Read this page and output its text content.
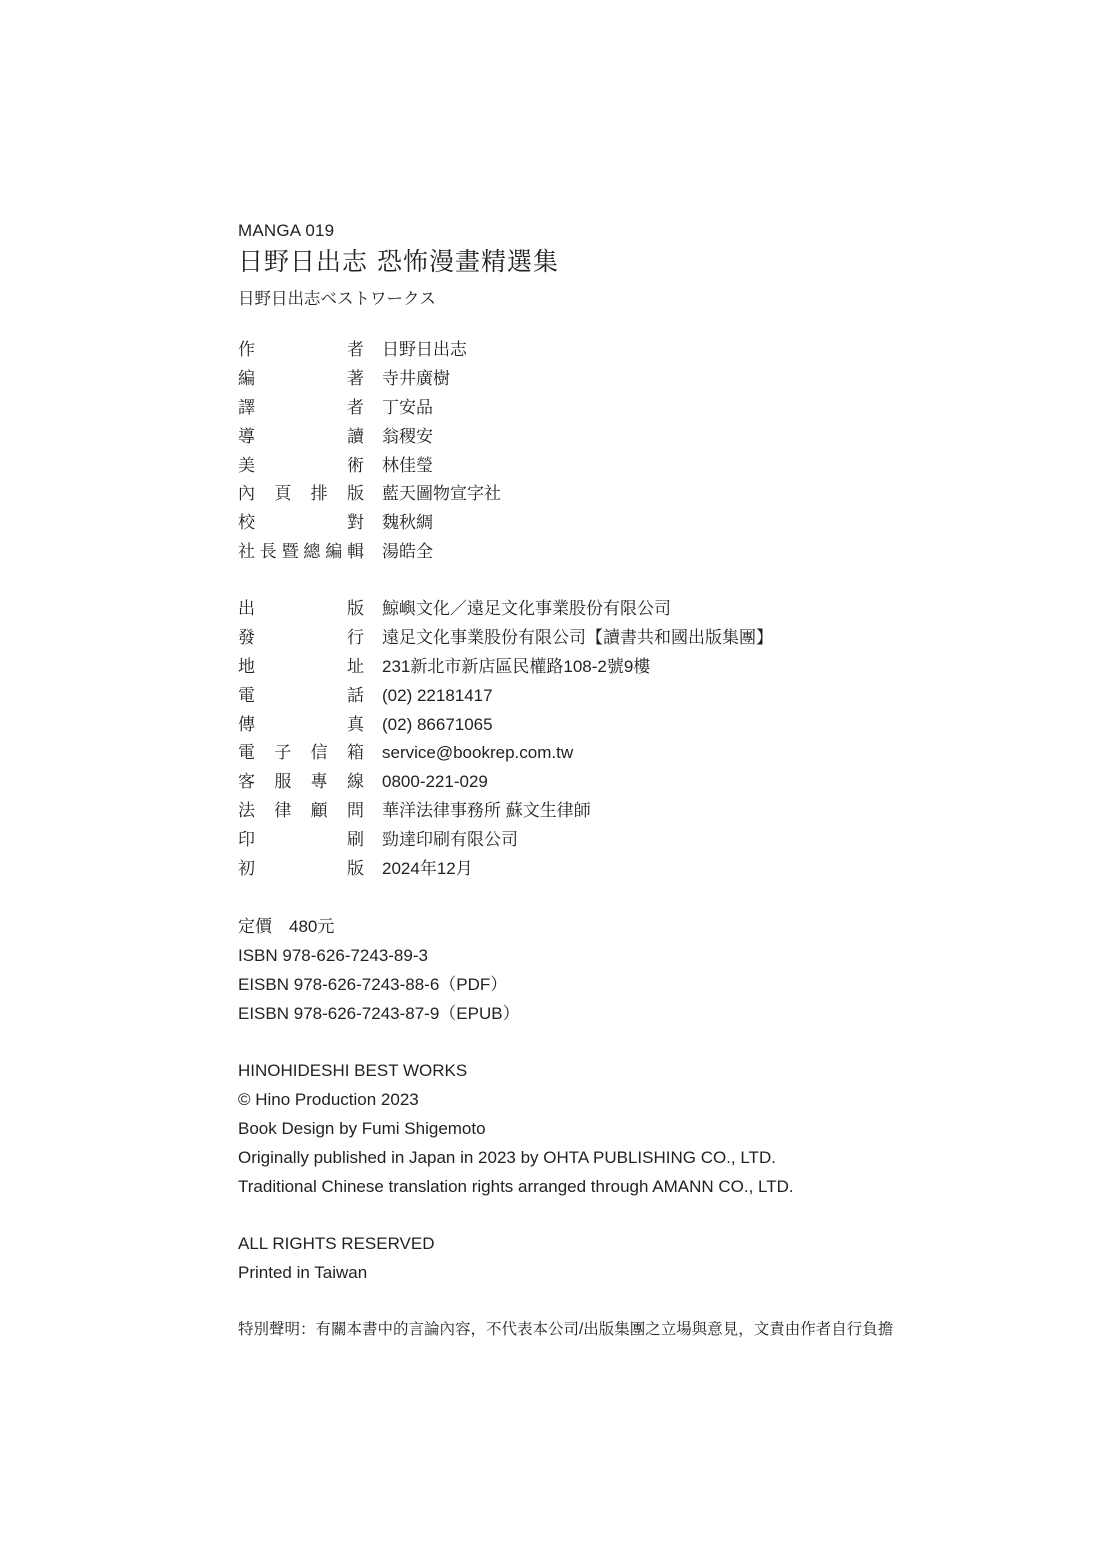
MANGA 019
日野日出志 恐怖漫畫精選集
日野日出志ベストワークス
作	者 日野日出志
編	著 寺井廣樹
譯	者 丁安品
導	讀 翁稷安
美	術 林佳瑩
內 頁 排 版 藍天圖物宣字社
校	對 魏秋綢
社 長 暨 總 編 輯 湯皓全
出	版 鯨嶼文化／遠足文化事業股份有限公司
發	行 遠足文化事業股份有限公司【讀書共和國出版集團】
地	址 231新北市新店區民權路108-2號9樓
電	話 (02) 22181417
傳	真 (02) 86671065
電 子 信 箱 service@bookrep.com.tw
客 服 專 線 0800-221-029
法 律 顧 問 華洋法律事務所 蘇文生律師
印	刷 勁達印刷有限公司
初	版 2024年12月
定價　480元
ISBN 978-626-7243-89-3
EISBN 978-626-7243-88-6（PDF）
EISBN 978-626-7243-87-9（EPUB）
HINOHIDESHI BEST WORKS
© Hino Production 2023
Book Design by Fumi Shigemoto
Originally published in Japan in 2023 by OHTA PUBLISHING CO., LTD.
Traditional Chinese translation rights arranged through AMANN CO., LTD.
ALL RIGHTS RESERVED
Printed in Taiwan
特別聲明：有關本書中的言論內容，不代表本公司/出版集團之立場與意見，文責由作者自行負擔
